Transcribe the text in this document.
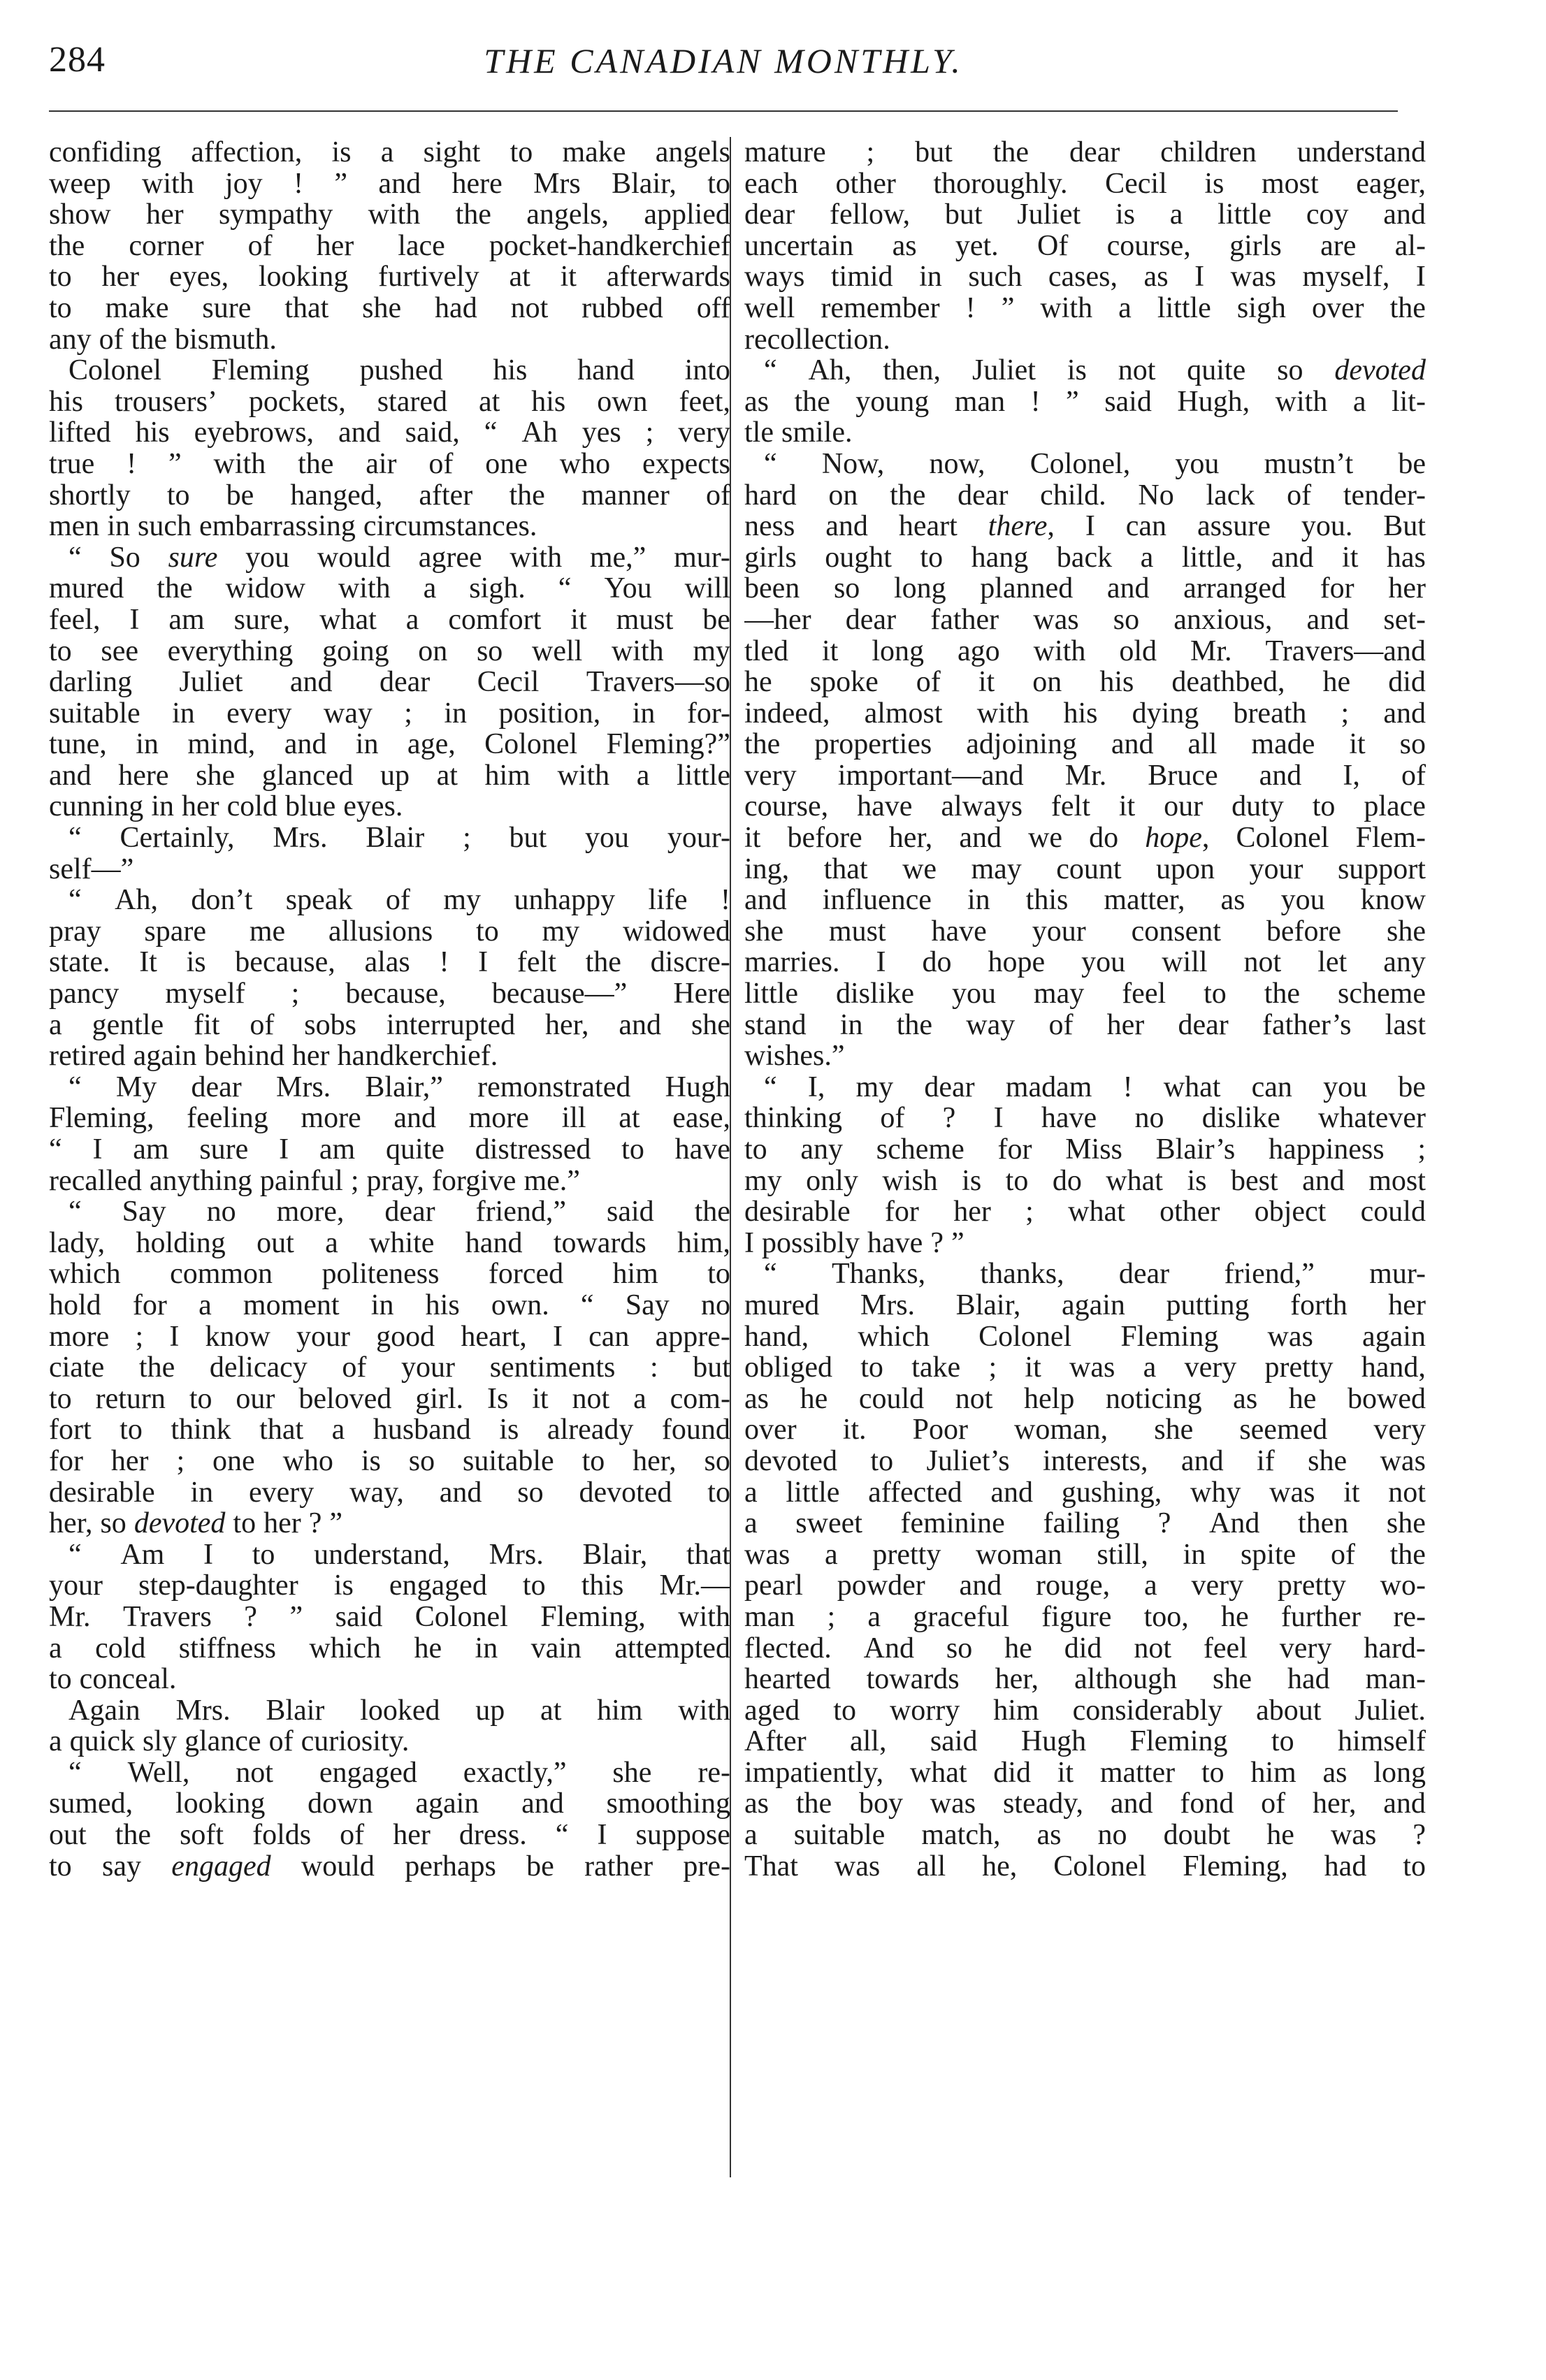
284	THE CANADIAN MONTHLY.
confiding affection, is a sight to make angels
weep with joy ! ” and here Mrs Blair, to
show her sympathy with the angels, applied
the corner of her lace pocket-handkerchief
to her eyes, looking furtively at it afterwards
to make sure that she had not rubbed off
any of the bismuth.
Colonel Fleming pushed his hand into
his trousers’ pockets, stared at his own feet,
lifted his eyebrows, and said, “ Ah yes ; very
true ! ” with the air of one who expects
shortly to be hanged, after the manner of
men in such embarrassing circumstances.
“ So sure you would agree with me,” mur-
mured the widow with a sigh. “ You will
feel, I am sure, what a comfort it must be
to see everything going on so well with my
darling Juliet and dear Cecil Travers—so
suitable in every way ; in position, in for-
tune, in mind, and in age, Colonel Fleming?”
and here she glanced up at him with a little
cunning in her cold blue eyes.
“ Certainly, Mrs. Blair ; but you your-
self—”
“ Ah, don’t speak of my unhappy life !
pray spare me allusions to my widowed
state. It is because, alas ! I felt the discre-
pancy myself ; because, because—” Here
a gentle fit of sobs interrupted her, and she
retired again behind her handkerchief.
“ My dear Mrs. Blair,” remonstrated Hugh
Fleming, feeling more and more ill at ease,
“ I am sure I am quite distressed to have
recalled anything painful ; pray, forgive me.”
“ Say no more, dear friend,” said the
lady, holding out a white hand towards him,
which common politeness forced him to
hold for a moment in his own. “ Say no
more ; I know your good heart, I can appre-
ciate the delicacy of your sentiments : but
to return to our beloved girl. Is it not a com-
fort to think that a husband is already found
for her ; one who is so suitable to her, so
desirable in every way, and so devoted to
her, so devoted to her ? ”
“ Am I to understand, Mrs. Blair, that
your step-daughter is engaged to this Mr.—
Mr. Travers ? ” said Colonel Fleming, with
a cold stiffness which he in vain attempted
to conceal.
Again Mrs. Blair looked up at him with
a quick sly glance of curiosity.
“ Well, not engaged exactly,” she re-
sumed, looking down again and smoothing
out the soft folds of her dress. “ I suppose
to say engaged would perhaps be rather pre-
mature ; but the dear children understand
each other thoroughly. Cecil is most eager,
dear fellow, but Juliet is a little coy and
uncertain as yet. Of course, girls are al-
ways timid in such cases, as I was myself, I
well remember ! ” with a little sigh over the
recollection.
“ Ah, then, Juliet is not quite so devoted
as the young man ! ” said Hugh, with a lit-
tle smile.
“ Now, now, Colonel, you mustn’t be
hard on the dear child. No lack of tender-
ness and heart there, I can assure you. But
girls ought to hang back a little, and it has
been so long planned and arranged for her
—her dear father was so anxious, and set-
tled it long ago with old Mr. Travers—and
he spoke of it on his deathbed, he did
indeed, almost with his dying breath ; and
the properties adjoining and all made it so
very important—and Mr. Bruce and I, of
course, have always felt it our duty to place
it before her, and we do hope, Colonel Flem-
ing, that we may count upon your support
and influence in this matter, as you know
she must have your consent before she
marries. I do hope you will not let any
little dislike you may feel to the scheme
stand in the way of her dear father’s last
wishes.”
“ I, my dear madam ! what can you be
thinking of ? I have no dislike whatever
to any scheme for Miss Blair’s happiness ;
my only wish is to do what is best and most
desirable for her ; what other object could
I possibly have ? ”
“ Thanks, thanks, dear friend,” mur-
mured Mrs. Blair, again putting forth her
hand, which Colonel Fleming was again
obliged to take ; it was a very pretty hand,
as he could not help noticing as he bowed
over it. Poor woman, she seemed very
devoted to Juliet’s interests, and if she was
a little affected and gushing, why was it not
a sweet feminine failing ? And then she
was a pretty woman still, in spite of the
pearl powder and rouge, a very pretty wo-
man ; a graceful figure too, he further re-
flected. And so he did not feel very hard-
hearted towards her, although she had man-
aged to worry him considerably about Juliet.
After all, said Hugh Fleming to himself
impatiently, what did it matter to him as long
as the boy was steady, and fond of her, and
a suitable match, as no doubt he was ?
That was all he, Colonel Fleming, had to
